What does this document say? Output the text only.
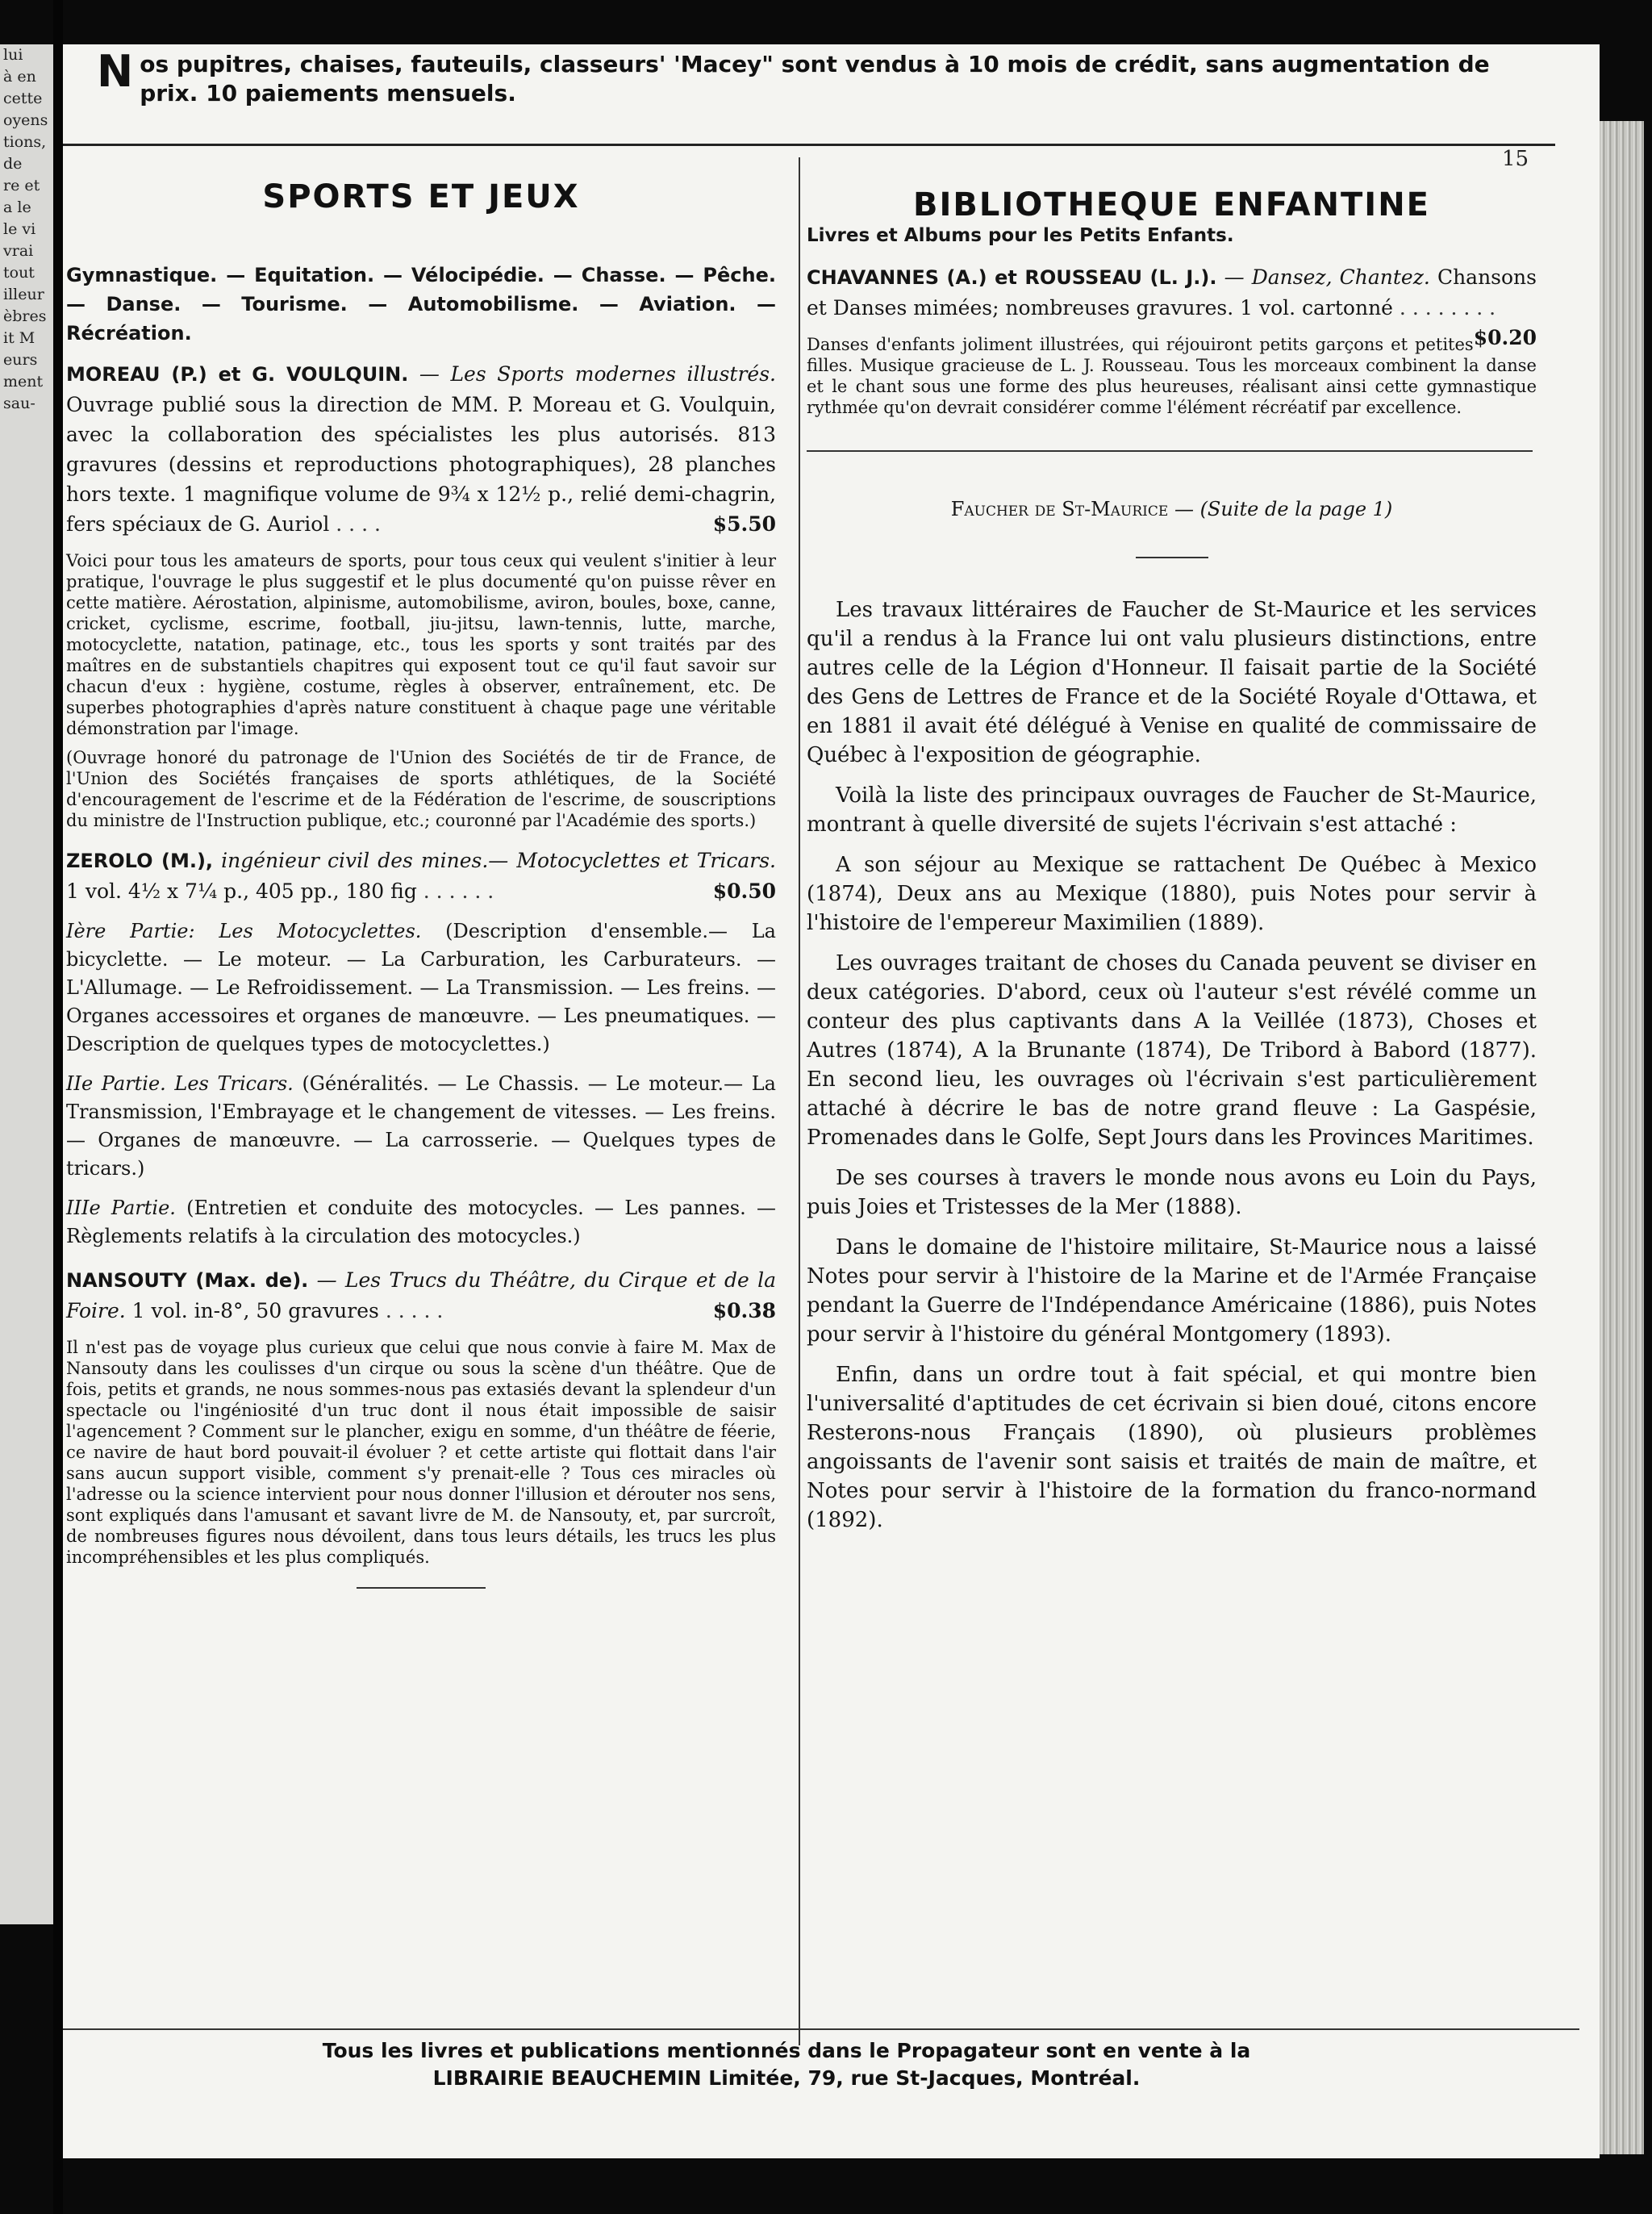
lui
à en
cette
oyens
tions,
de
re et
a le
le vi
vrai
tout
illeur
èbres
it M
eurs
ment
sau-
N os pupitres, chaises, fauteuils, classeurs' 'Macey" sont vendus à 10 mois de crédit, sans augmentation de prix. 10 paiements mensuels.
15
SPORTS ET JEUX

Gymnastique. — Equitation. — Vélocipédie. — Chasse. — Pêche. — Danse. — Tourisme. — Automobilisme. — Aviation. — Récréation.

MOREAU (P.) et G. VOULQUIN. — Les Sports modernes illustrés. Ouvrage publié sous la direction de MM. P. Moreau et G. Voulquin, avec la collaboration des spécialistes les plus autorisés. 813 gravures (dessins et reproductions photographiques), 28 planches hors texte. 1 magnifique volume de 9¾ x 12½ p., relié demi-chagrin, fers spéciaux de G. Auriol . . . .	$5.50

Voici pour tous les amateurs de sports, pour tous ceux qui veulent s'initier à leur pratique, l'ouvrage le plus suggestif et le plus documenté qu'on puisse rêver en cette matière. Aérostation, alpinisme, automobilisme, aviron, boules, boxe, canne, cricket, cyclisme, escrime, football, jiu-jitsu, lawn-tennis, lutte, marche, motocyclette, natation, patinage, etc., tous les sports y sont traités par des maîtres en de substantiels chapitres qui exposent tout ce qu'il faut savoir sur chacun d'eux : hygiène, costume, règles à observer, entraînement, etc. De superbes photographies d'après nature constituent à chaque page une véritable démonstration par l'image.

(Ouvrage honoré du patronage de l'Union des Sociétés de tir de France, de l'Union des Sociétés françaises de sports athlétiques, de la Société d'encouragement de l'escrime et de la Fédération de l'escrime, de souscriptions du ministre de l'Instruction publique, etc.; couronné par l'Académie des sports.)

ZEROLO (M.), ingénieur civil des mines.— Motocyclettes et Tricars. 1 vol. 4½ x 7¼ p., 405 pp., 180 fig . . . . . .	$0.50

Ière Partie: Les Motocyclettes. (Description d'ensemble.— La bicyclette. — Le moteur. — La Carburation, les Carburateurs. — L'Allumage. — Le Refroidissement. — La Transmission. — Les freins. — Organes accessoires et organes de manœuvre. — Les pneumatiques. — Description de quelques types de motocyclettes.)

IIe Partie. Les Tricars. (Généralités. — Le Chassis. — Le moteur.— La Transmission, l'Embrayage et le changement de vitesses. — Les freins. — Organes de manœuvre. — La carrosserie. — Quelques types de tricars.)

IIIe Partie. (Entretien et conduite des motocycles. — Les pannes. — Règlements relatifs à la circulation des motocycles.)

NANSOUTY (Max. de). — Les Trucs du Théâtre, du Cirque et de la Foire. 1 vol. in-8°, 50 gravures . . . . .	$0.38

Il n'est pas de voyage plus curieux que celui que nous convie à faire M. Max de Nansouty dans les coulisses d'un cirque ou sous la scène d'un théâtre. Que de fois, petits et grands, ne nous sommes-nous pas extasiés devant la splendeur d'un spectacle ou l'ingéniosité d'un truc dont il nous était impossible de saisir l'agencement ? Comment sur le plancher, exigu en somme, d'un théâtre de féerie, ce navire de haut bord pouvait-il évoluer ? et cette artiste qui flottait dans l'air sans aucun support visible, comment s'y prenait-elle ? Tous ces miracles où l'adresse ou la science intervient pour nous donner l'illusion et dérouter nos sens, sont expliqués dans l'amusant et savant livre de M. de Nansouty, et, par surcroît, de nombreuses figures nous dévoilent, dans tous leurs détails, les trucs les plus incompréhensibles et les plus compliqués.

BIBLIOTHEQUE ENFANTINE

Livres et Albums pour les Petits Enfants.

CHAVANNES (A.) et ROUSSEAU (L. J.). — Dansez, Chantez. Chansons et Danses mimées; nombreuses gravures. 1 vol. cartonné . . . . . . . .
$0.20

Danses d'enfants joliment illustrées, qui réjouiront petits garçons et petites filles. Musique gracieuse de L. J. Rousseau. Tous les morceaux combinent la danse et le chant sous une forme des plus heureuses, réalisant ainsi cette gymnastique rythmée qu'on devrait considérer comme l'élément récréatif par excellence.

Faucher de St-Maurice — (Suite de la page 1)

Les travaux littéraires de Faucher de St-Maurice et les services qu'il a rendus à la France lui ont valu plusieurs distinctions, entre autres celle de la Légion d'Honneur. Il faisait partie de la Société des Gens de Lettres de France et de la Société Royale d'Ottawa, et en 1881 il avait été délégué à Venise en qualité de commissaire de Québec à l'exposition de géographie.

Voilà la liste des principaux ouvrages de Faucher de St-Maurice, montrant à quelle diversité de sujets l'écrivain s'est attaché :

A son séjour au Mexique se rattachent De Québec à Mexico (1874), Deux ans au Mexique (1880), puis Notes pour servir à l'histoire de l'empereur Maximilien (1889).

Les ouvrages traitant de choses du Canada peuvent se diviser en deux catégories. D'abord, ceux où l'auteur s'est révélé comme un conteur des plus captivants dans A la Veillée (1873), Choses et Autres (1874), A la Brunante (1874), De Tribord à Babord (1877). En second lieu, les ouvrages où l'écrivain s'est particulièrement attaché à décrire le bas de notre grand fleuve : La Gaspésie, Promenades dans le Golfe, Sept Jours dans les Provinces Maritimes.

De ses courses à travers le monde nous avons eu Loin du Pays, puis Joies et Tristesses de la Mer (1888).

Dans le domaine de l'histoire militaire, St-Maurice nous a laissé Notes pour servir à l'histoire de la Marine et de l'Armée Française pendant la Guerre de l'Indépendance Américaine (1886), puis Notes pour servir à l'histoire du général Montgomery (1893).

Enfin, dans un ordre tout à fait spécial, et qui montre bien l'universalité d'aptitudes de cet écrivain si bien doué, citons encore Resterons-nous Français (1890), où plusieurs problèmes angoissants de l'avenir sont saisis et traités de main de maître, et Notes pour servir à l'histoire de la formation du franco-normand (1892).

Tous les livres et publications mentionnés dans le Propagateur sont en vente à la
LIBRAIRIE BEAUCHEMIN Limitée, 79, rue St-Jacques, Montréal.
